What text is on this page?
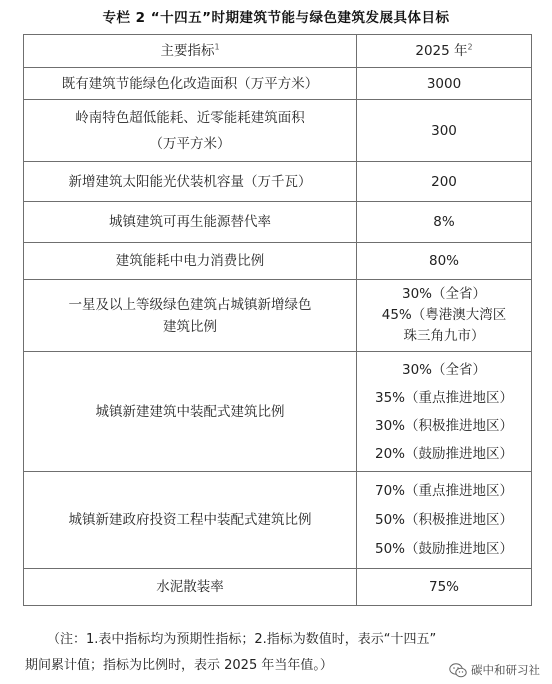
专栏 2 “十四五”时期建筑节能与绿色建筑发展具体目标
主要指标$^1$	2025 年$^2$

既有建筑节能绿色化改造面积（万平方米）	3000

岭南特色超低能耗、近零能耗建筑面积
（万平方米）	300

新增建筑太阳能光伏装机容量（万千瓦）	200

城镇建筑可再生能源替代率	8%

建筑能耗中电力消费比例	80%

一星及以上等级绿色建筑占城镇新增绿色
建筑比例	30%（全省）
45%（粤港澳大湾区
珠三角九市）

城镇新建建筑中装配式建筑比例	30%（全省）
35%（重点推进地区）
30%（积极推进地区）
20%（鼓励推进地区）

城镇新建政府投资工程中装配式建筑比例	70%（重点推进地区）
50%（积极推进地区）
50%（鼓励推进地区）

水泥散装率	75%
（注：1.表中指标均为预期性指标；2.指标为数值时，表示“十四五”
期间累计值；指标为比例时，表示 2025 年当年值。）	碳中和研习社
